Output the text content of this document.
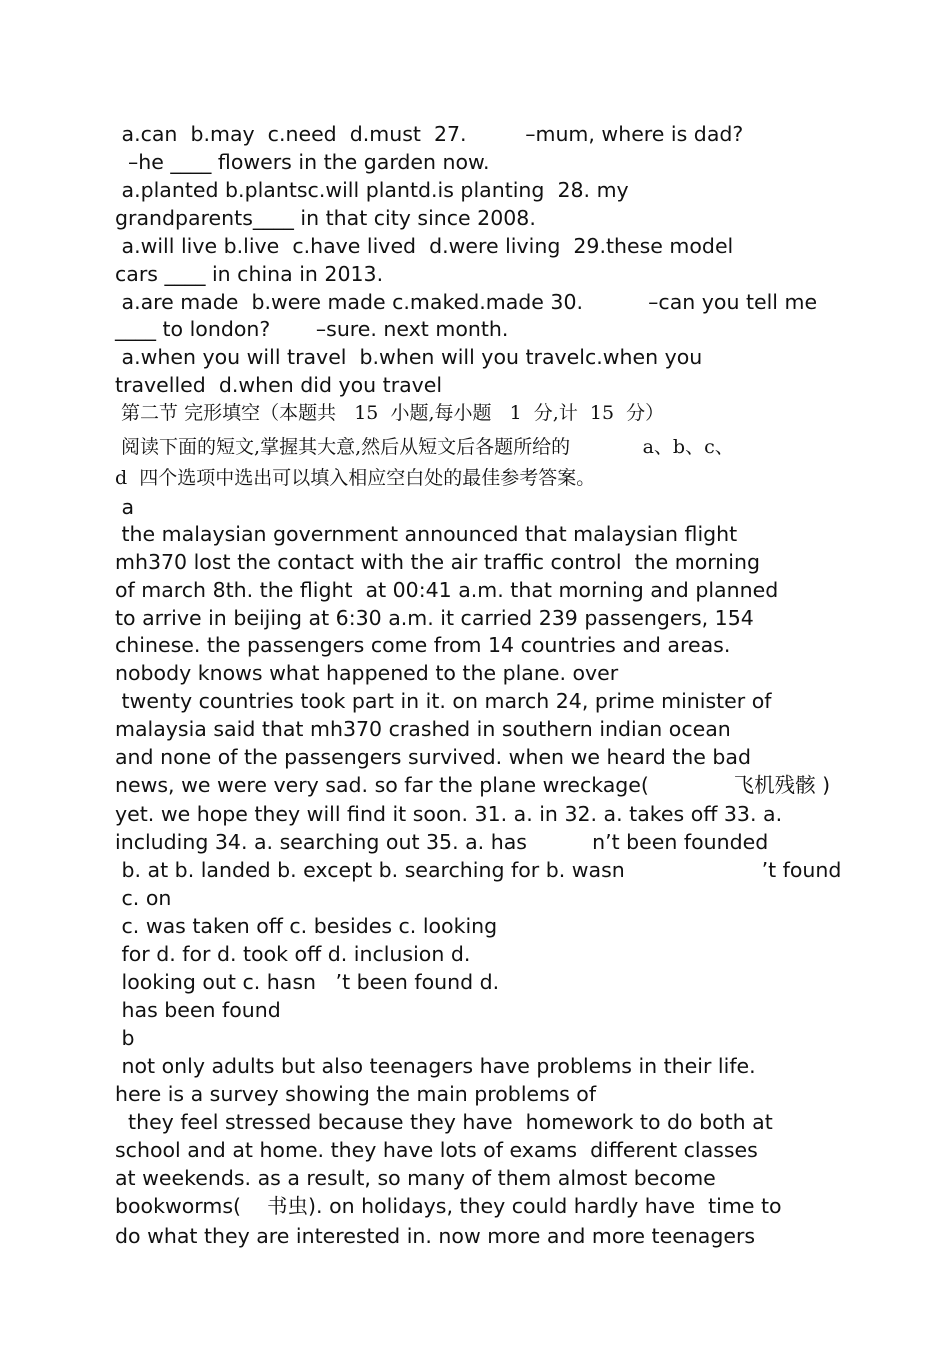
a.can  b.may  c.need  d.must  27.         –mum, where is dad?

–he ____ flowers in the garden now.

a.planted b.plantsc.will plantd.is planting  28. my

grandparents____ in that city since 2008.

a.will live b.live  c.have lived  d.were living  29.these model

cars ____ in china in 2013.

a.are made  b.were made c.maked.made 30.          –can you tell me

____ to london?       –sure. next month.

a.when you will travel  b.when will you travelc.when you

travelled  d.when did you travel

第二节 完形填空（本题共   15  小题,每小题   1  分,计  15  分）

阅读下面的短文,掌握其大意,然后从短文后各题所给的            a、b、c、

d  四个选项中选出可以填入相应空白处的最佳参考答案。

a

the malaysian government announced that malaysian flight

mh370 lost the contact with the air traffic control  the morning

of march 8th. the flight  at 00:41 a.m. that morning and planned

to arrive in beijing at 6:30 a.m. it carried 239 passengers, 154

chinese. the passengers come from 14 countries and areas.

nobody knows what happened to the plane. over

twenty countries took part in it. on march 24, prime minister of

malaysia said that mh370 crashed in southern indian ocean

and none of the passengers survived. when we heard the bad

news, we were very sad. so far the plane wreckage(             飞机残骸 )

yet. we hope they will find it soon. 31. a. in 32. a. takes off 33. a.

including 34. a. searching out 35. a. has          n’t been founded

b. at b. landed b. except b. searching for b. wasn                     ’t found

c. on

c. was taken off c. besides c. looking

for d. for d. took off d. inclusion d.

looking out c. hasn   ’t been found d.

has been found

b

not only adults but also teenagers have problems in their life.

here is a survey showing the main problems of

they feel stressed because they have  homework to do both at

school and at home. they have lots of exams  different classes

at weekends. as a result, so many of them almost become

bookworms(    书虫). on holidays, they could hardly have  time to

do what they are interested in. now more and more teenagers
